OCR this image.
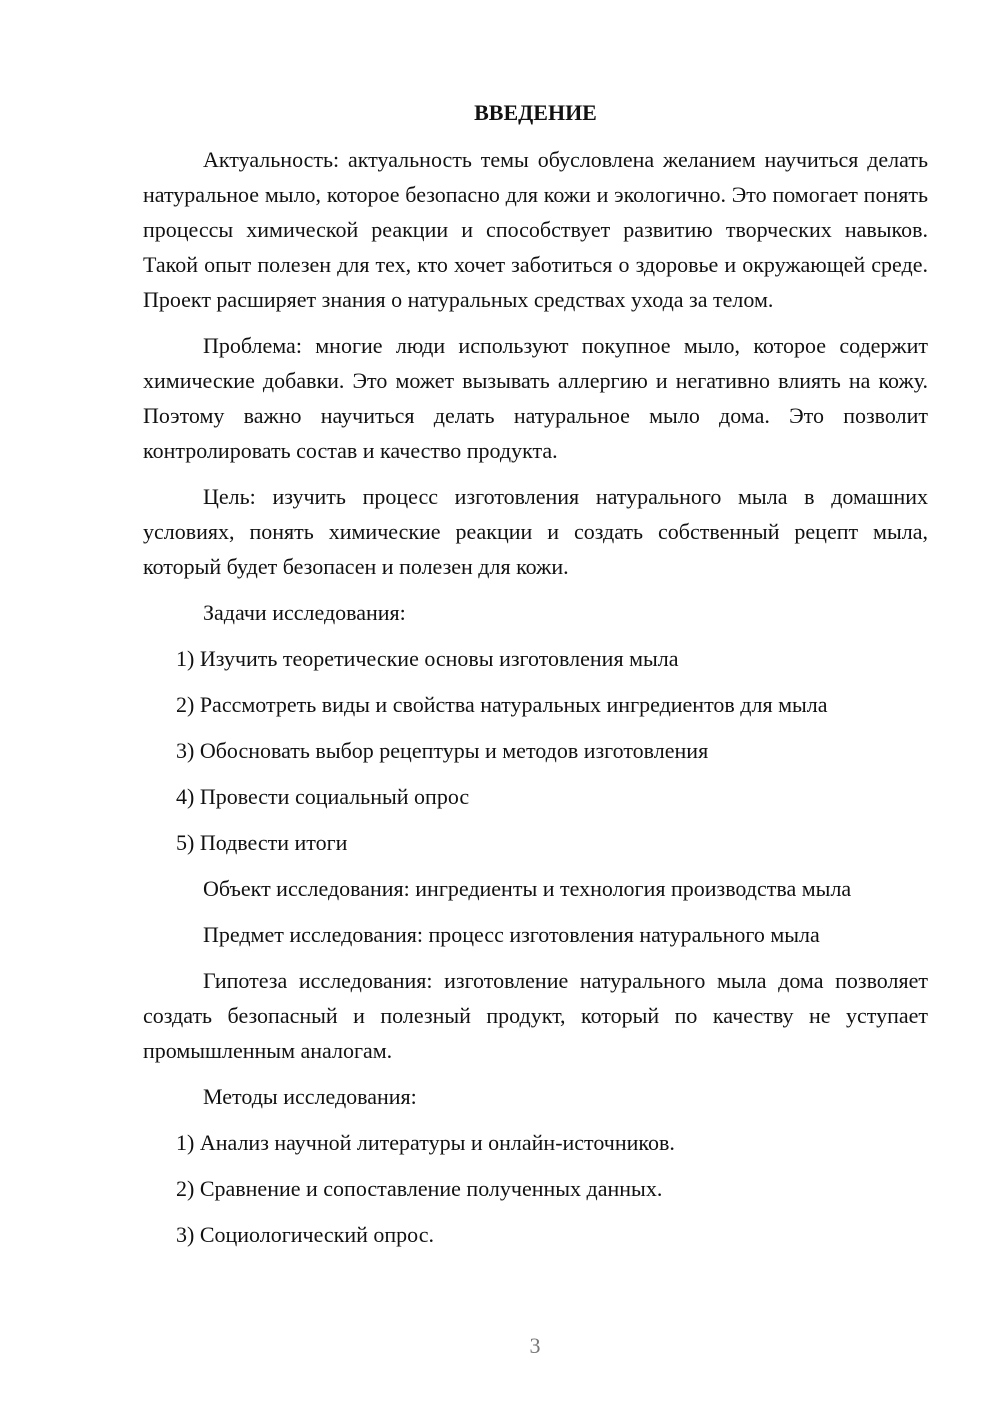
ВВЕДЕНИЕ

Актуальность: актуальность темы обусловлена желанием научиться делать натуральное мыло, которое безопасно для кожи и экологично. Это помогает понять процессы химической реакции и способствует развитию творческих навыков. Такой опыт полезен для тех, кто хочет заботиться о здоровье и окружающей среде. Проект расширяет знания о натуральных средствах ухода за телом.

Проблема: многие люди используют покупное мыло, которое содержит химические добавки. Это может вызывать аллергию и негативно влиять на кожу. Поэтому важно научиться делать натуральное мыло дома. Это позволит контролировать состав и качество продукта.

Цель: изучить процесс изготовления натурального мыла в домашних условиях, понять химические реакции и создать собственный рецепт мыла, который будет безопасен и полезен для кожи.

Задачи исследования:

1) Изучить теоретические основы изготовления мыла

2) Рассмотреть виды и свойства натуральных ингредиентов для мыла

3) Обосновать выбор рецептуры и методов изготовления

4) Провести социальный опрос

5) Подвести итоги

Объект исследования: ингредиенты и технология производства мыла

Предмет исследования: процесс изготовления натурального мыла

Гипотеза исследования: изготовление натурального мыла дома позволяет создать безопасный и полезный продукт, который по качеству не уступает промышленным аналогам.

Методы исследования:

1) Анализ научной литературы и онлайн-источников.

2) Сравнение и сопоставление полученных данных.

3) Социологический опрос.

3
